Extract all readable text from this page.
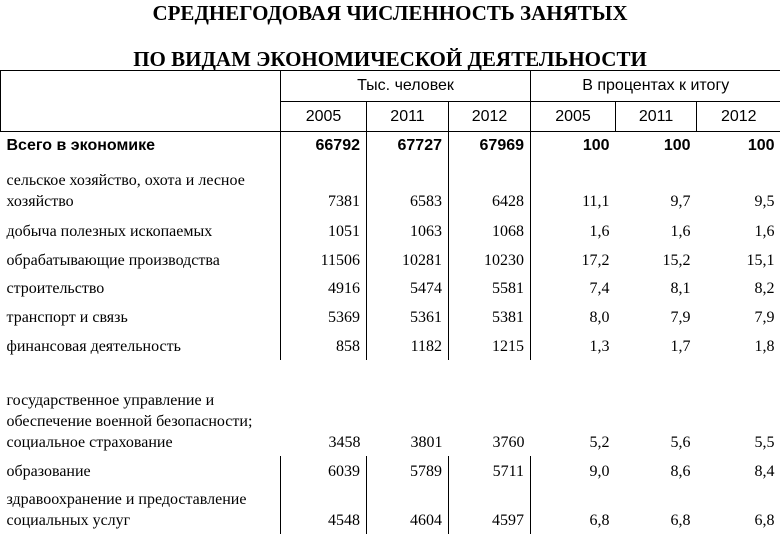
СРЕДНЕГОДОВАЯ ЧИСЛЕННОСТЬ ЗАНЯТЫХ
ПО ВИДАМ ЭКОНОМИЧЕСКОЙ ДЕЯТЕЛЬНОСТИ
	Тыс. человек			В процентах к итогу		
	2005	2011	2012	2005	2011	2012
Всего в экономике	66792	67727	67969	100	100	100
сельское хозяйство, охота и лесное хозяйство	7381	6583	6428	11,1	9,7	9,5
добыча полезных ископаемых	1051	1063	1068	1,6	1,6	1,6
обрабатывающие производства	11506	10281	10230	17,2	15,2	15,1
строительство	4916	5474	5581	7,4	8,1	8,2
транспорт и связь	5369	5361	5381	8,0	7,9	7,9
финансовая деятельность	858	1182	1215	1,3	1,7	1,8
государственное управление и обеспечение военной безопасности; социальное страхование	3458	3801	3760	5,2	5,6	5,5
образование	6039	5789	5711	9,0	8,6	8,4
здравоохранение и предоставление социальных услуг	4548	4604	4597	6,8	6,8	6,8
